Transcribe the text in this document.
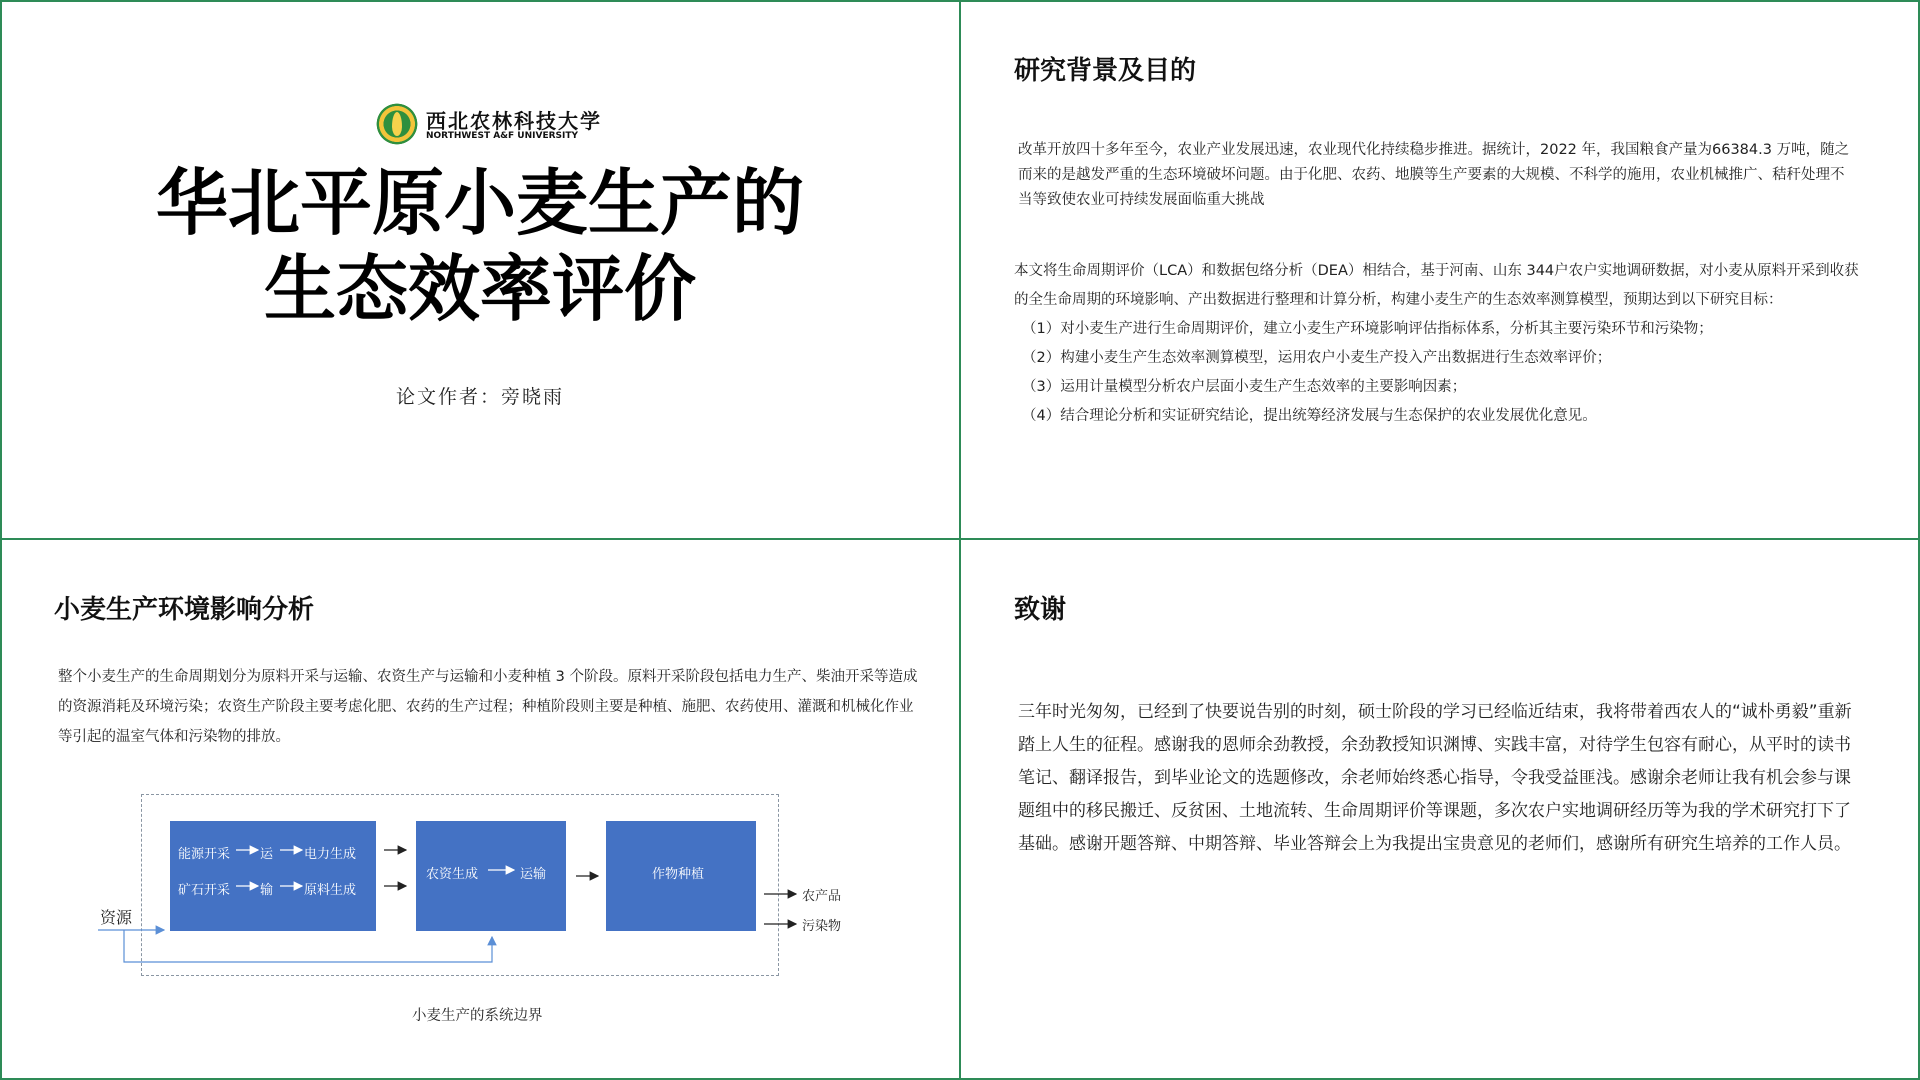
西北农林科技大学
NORTHWEST A&F UNIVERSITY
华北平原小麦生产的
生态效率评价
论文作者：旁晓雨
研究背景及目的
改革开放四十多年至今，农业产业发展迅速，农业现代化持续稳步推进。据统计，2022 年，我国粮食产量为66384.3 万吨，随之而来的是越发严重的生态环境破坏问题。由于化肥、农药、地膜等生产要素的大规模、不科学的施用，农业机械推广、秸秆处理不当等致使农业可持续发展面临重大挑战
本文将生命周期评价（LCA）和数据包络分析（DEA）相结合，基于河南、山东 344户农户实地调研数据，对小麦从原料开采到收获的全生命周期的环境影响、产出数据进行整理和计算分析，构建小麦生产的生态效率测算模型，预期达到以下研究目标：
（1）对小麦生产进行生命周期评价，建立小麦生产环境影响评估指标体系，分析其主要污染环节和污染物；
（2）构建小麦生产生态效率测算模型，运用农户小麦生产投入产出数据进行生态效率评价；
（3）运用计量模型分析农户层面小麦生产生态效率的主要影响因素；
（4）结合理论分析和实证研究结论，提出统筹经济发展与生态保护的农业发展优化意见。
小麦生产环境影响分析
整个小麦生产的生命周期划分为原料开采与运输、农资生产与运输和小麦种植 3 个阶段。原料开采阶段包括电力生产、柴油开采等造成的资源消耗及环境污染；农资生产阶段主要考虑化肥、农药的生产过程；种植阶段则主要是种植、施肥、农药使用、灌溉和机械化作业等引起的温室气体和污染物的排放。
能源开采 运 电力生成
矿石开采 输 原料生成
农资生成	运输	作物种植
资源
农产品
污染物
小麦生产的系统边界
致谢
三年时光匆匆，已经到了快要说告别的时刻，硕士阶段的学习已经临近结束，我将带着西农人的“诚朴勇毅”重新踏上人生的征程。感谢我的恩师余劲教授，余劲教授知识渊博、实践丰富，对待学生包容有耐心，从平时的读书笔记、翻译报告，到毕业论文的选题修改，余老师始终悉心指导，令我受益匪浅。感谢余老师让我有机会参与课题组中的移民搬迁、反贫困、土地流转、生命周期评价等课题，多次农户实地调研经历等为我的学术研究打下了基础。感谢开题答辩、中期答辩、毕业答辩会上为我提出宝贵意见的老师们，感谢所有研究生培养的工作人员。
